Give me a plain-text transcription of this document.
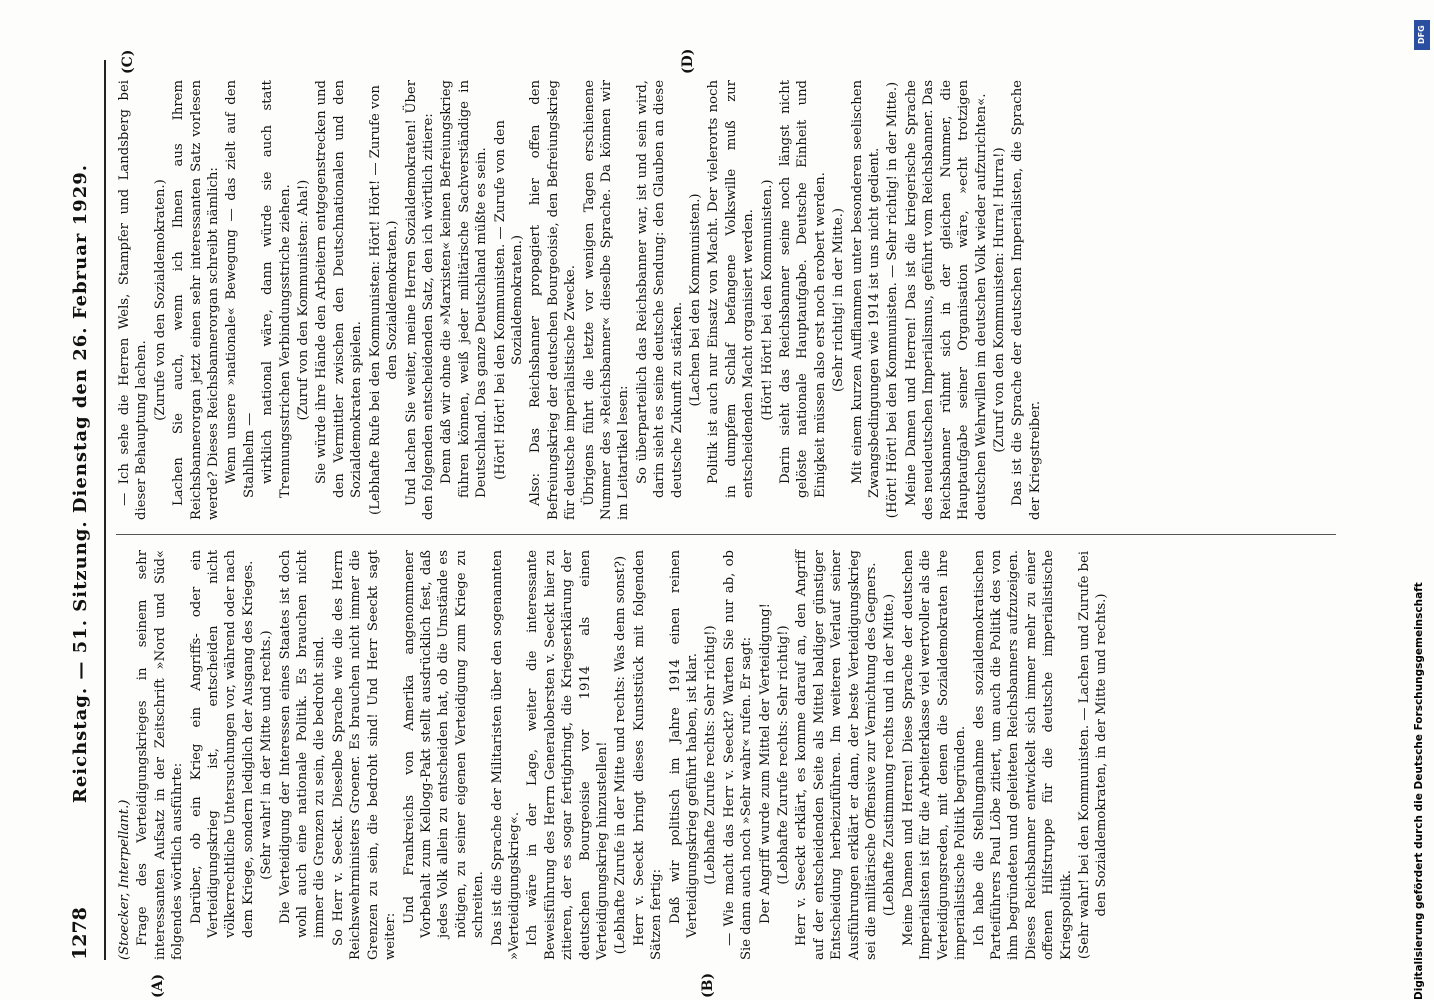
1278
Reichstag. — 51. Sitzung. Dienstag den 26. Februar 1929.
(A)	(B)
(C)	(D)

(Stoecker, Interpellant.) Frage des Verteidigungskrieges in seinem sehr interessanten Aufsatz in der Zeitschrift »Nord und Süd« folgendes wörtlich ausführte: Darüber, ob ein Krieg ein Angriffs- oder ein Verteidigungskrieg ist, entscheiden nicht völkerrechtliche Untersuchungen vor, während oder nach dem Kriege, sondern lediglich der Ausgang des Krieges. (Sehr wahr! in der Mitte und rechts.) Die Verteidigung der Interessen eines Staates ist doch wohl auch eine nationale Politik. Es brauchen nicht immer die Grenzen zu sein, die bedroht sind. So Herr v. Seeckt. Dieselbe Sprache wie die des Herrn Reichswehrministers Groener. Es brauchen nicht immer die Grenzen zu sein, die bedroht sind! Und Herr Seeckt sagt weiter:

Und Frankreichs von Amerika angenommener Vorbehalt zum Kellogg-Pakt stellt ausdrücklich fest, daß jedes Volk allein zu entscheiden hat, ob die Umstände es nötigen, zu seiner eigenen Verteidigung zum Kriege zu schreiten. Das ist die Sprache der Militaristen über den sogenannten »Verteidigungskrieg«. Ich wäre in der Lage, weiter die interessante Beweisführung des Herrn Generalobersten v. Seeckt hier zu zitieren, der es sogar fertigbringt, die Kriegserklärung der deutschen Bourgeoisie vor 1914 als einen Verteidigungskrieg hinzustellen! (Lebhafte Zurufe in der Mitte und rechts: Was denn sonst?) Herr v. Seeckt bringt dieses Kunststück mit folgenden Sätzen fertig: Daß wir politisch im Jahre 1914 einen reinen Verteidigungskrieg geführt haben, ist klar. (Lebhafte Zurufe rechts: Sehr richtig!) — Wie macht das Herr v. Seeckt? Warten Sie nur ab, ob Sie dann auch noch »Sehr wahr« rufen. Er sagt: Der Angriff wurde zum Mittel der Verteidigung! (Lebhafte Zurufe rechts: Sehr richtig!) Herr v. Seeckt erklärt, es komme darauf an, den Angriff auf der entscheidenden Seite als Mittel baldiger günstiger Entscheidung herbeizuführen. Im weiteren Verlauf seiner Ausführungen erklärt er dann, der beste Verteidigungskrieg sei die militärische Offensive zur Vernichtung des Gegners. (Lebhafte Zustimmung rechts und in der Mitte.) Meine Damen und Herren! Diese Sprache der deutschen Imperialisten ist für die Arbeiterklasse viel wertvoller als die Verteidigungsreden, mit denen die Sozialdemokraten ihre imperialistische Politik begründen. Ich habe die Stellungnahme des sozialdemokratischen Parteiführers Paul Löbe zitiert, um auch die Politik des von ihm begründeten und geleiteten Reichsbanners aufzuzeigen. Dieses Reichsbanner entwickelt sich immer mehr zu einer offenen Hilfstruppe für die deutsche imperialistische Kriegspolitik. (Sehr wahr! bei den Kommunisten. — Lachen und Zurufe bei den Sozialdemokraten, in der Mitte und rechts.)

— Ich sehe die Herren Wels, Stampfer und Landsberg bei dieser Behauptung lachen.

(Zurufe von den Sozialdemokraten.) Lachen Sie auch, wenn ich Ihnen aus Ihrem Reichsbannerorgan jetzt einen sehr interessanten Satz vorlesen werde? Dieses Reichsbannerorgan schreibt nämlich: Wenn unsere »nationale« Bewegung — das zielt auf den Stahlhelm — wirklich national wäre, dann würde sie auch statt Trennungsstrichen Verbindungsstriche ziehen. (Zuruf von den Kommunisten: Aha!) Sie würde ihre Hände den Arbeitern entgegenstrecken und den Vermittler zwischen den Deutschnationalen und den Sozialdemokraten spielen. (Lebhafte Rufe bei den Kommunisten: Hört! Hört! — Zurufe von den Sozialdemokraten.) Und lachen Sie weiter, meine Herren Sozialdemokraten! Über den folgenden entscheidenden Satz, den ich wörtlich zitiere: Denn daß wir ohne die »Marxisten« keinen Befreiungskrieg führen können, weiß jeder militärische Sachverständige in Deutschland. Das ganze Deutschland müßte es sein. (Hört! Hört! bei den Kommunisten. — Zurufe von den Sozialdemokraten.) Also: Das Reichsbanner propagiert hier offen den Befreiungskrieg der deutschen Bourgeoisie, den Befreiungskrieg für deutsche imperialistische Zwecke. Übrigens führt die letzte vor wenigen Tagen erschienene Nummer des »Reichsbanner« dieselbe Sprache. Da können wir im Leitartikel lesen: So überparteilich das Reichsbanner war, ist und sein wird, darin sieht es seine deutsche Sendung: den Glauben an diese deutsche Zukunft zu stärken. (Lachen bei den Kommunisten.) Politik ist auch nur Einsatz von Macht. Der vielerorts noch in dumpfem Schlaf befangene Volkswille muß zur entscheidenden Macht organisiert werden. (Hört! Hört! bei den Kommunisten.) Darin sieht das Reichsbanner seine noch längst nicht gelöste nationale Hauptaufgabe. Deutsche Einheit und Einigkeit müssen also erst noch erobert werden. (Sehr richtig! in der Mitte.) Mit einem kurzen Aufflammen unter besonderen seelischen Zwangsbedingungen wie 1914 ist uns nicht gedient. (Hört! Hört! bei den Kommunisten. — Sehr richtig! in der Mitte.) Meine Damen und Herren! Das ist die kriegerische Sprache des neudeutschen Imperialismus, geführt vom Reichsbanner. Das Reichsbanner rühmt sich in der gleichen Nummer, die Hauptaufgabe seiner Organisation wäre, »echt trotzigen deutschen Wehrwillen im deutschen Volk wieder aufzurichten«. (Zuruf von den Kommunisten: Hurra! Hurra!) Das ist die Sprache der deutschen Imperialisten, die Sprache der Kriegstreiber.

DFG
Digitalisierung gefördert durch die Deutsche Forschungsgemeinschaft
